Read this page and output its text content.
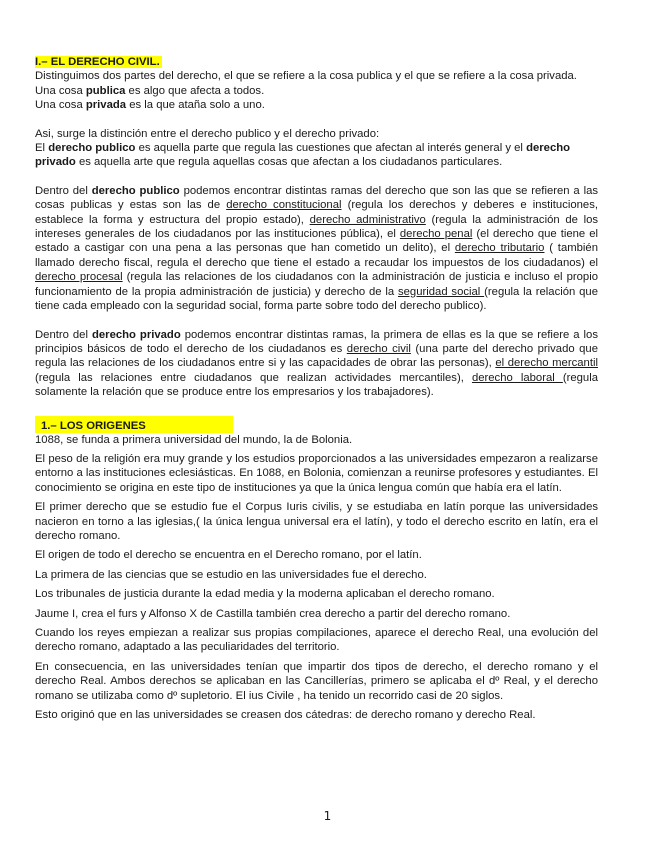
I.– EL DERECHO CIVIL.

Distinguimos dos partes del derecho, el que se refiere a la cosa publica y el que se refiere a la cosa privada.

Una cosa publica es algo que afecta a todos.

Una cosa privada es la que ataña solo a uno.

Asi, surge la distinción entre el derecho publico y el derecho privado:

El derecho publico es aquella parte que regula las cuestiones que afectan al interés general y el derecho privado es aquella arte que regula aquellas cosas que afectan a los ciudadanos particulares.

Dentro del derecho publico podemos encontrar distintas ramas del derecho que son las que se refieren a las cosas publicas y estas son las de derecho constitucional (regula los derechos y deberes e instituciones, establece la forma y estructura del propio estado), derecho administrativo (regula la administración de los intereses generales de los ciudadanos por las instituciones pública), el derecho penal (el derecho que tiene el estado a castigar con una pena a las personas que han cometido un delito), el derecho tributario ( también llamado derecho fiscal, regula el derecho que tiene el estado a recaudar los impuestos de los ciudadanos) el derecho procesal (regula las relaciones de los ciudadanos con la administración de justicia e incluso el propio funcionamiento de la propia administración de justicia) y derecho de la seguridad social (regula la relación que tiene cada empleado con la seguridad social, forma parte sobre todo del derecho publico).

Dentro del derecho privado podemos encontrar distintas ramas, la primera de ellas es la que se refiere a los principios básicos de todo el derecho de los ciudadanos es derecho civil (una parte del derecho privado que regula las relaciones de los ciudadanos entre si y las capacidades de obrar las personas), el derecho mercantil (regula las relaciones entre ciudadanos que realizan actividades mercantiles), derecho laboral (regula solamente la relación que se produce entre los empresarios y los trabajadores).

1.– LOS ORIGENES

1088, se funda a primera universidad del mundo, la de Bolonia.

El peso de la religión era muy grande y los estudios proporcionados a las universidades empezaron a realizarse entorno a las instituciones eclesiásticas. En 1088, en Bolonia, comienzan a reunirse profesores y estudiantes. El conocimiento se origina en este tipo de instituciones ya que la única lengua común que había era el latín.

El primer derecho que se estudio fue el Corpus Iuris civilis, y se estudiaba en latín porque las universidades nacieron en torno a las iglesias,( la única lengua universal era el latín), y todo el derecho escrito en latín, era el derecho romano.

El origen de todo el derecho se encuentra en el Derecho romano, por el latín.

La primera de las ciencias que se estudio en las universidades fue el derecho.

Los tribunales de justicia durante la edad media y la moderna aplicaban el derecho romano.

Jaume I, crea el furs y Alfonso X de Castilla también crea derecho a partir del derecho romano.

Cuando los reyes empiezan a realizar sus propias compilaciones, aparece el derecho Real, una evolución del derecho romano, adaptado a las peculiaridades del territorio.

En consecuencia, en las universidades tenían que impartir dos tipos de derecho, el derecho romano y el derecho Real. Ambos derechos se aplicaban en las Cancillerías, primero se aplicaba el dº Real, y el derecho romano se utilizaba como dº supletorio. El ius Civile , ha tenido un recorrido casi de 20 siglos.

Esto originó que en las universidades se creasen dos cátedras: de derecho romano y derecho Real.

1
